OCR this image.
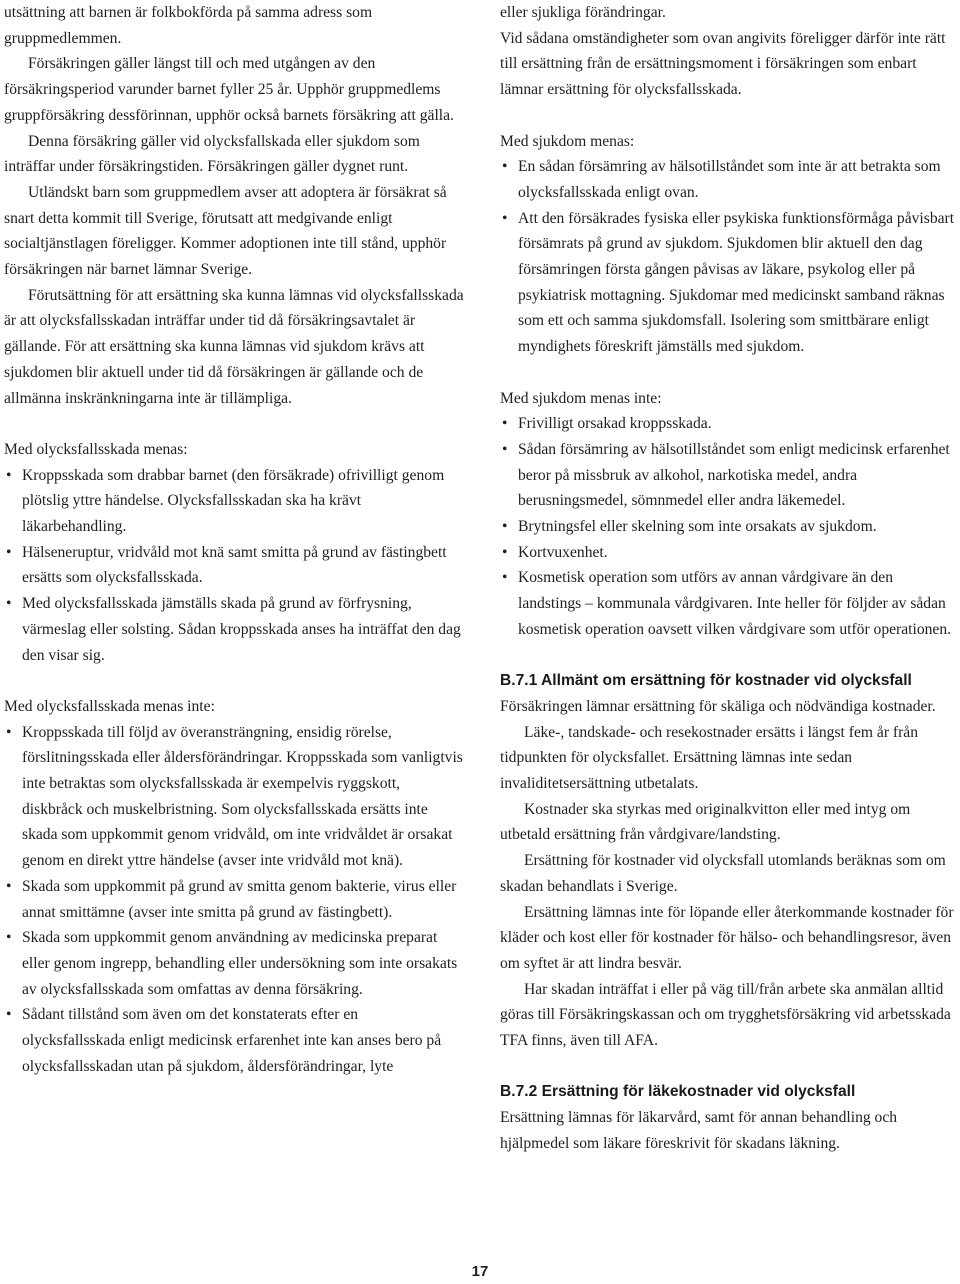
utsättning att barnen är folkbokförda på samma adress som gruppmedlemmen.

Försäkringen gäller längst till och med utgången av den försäkringsperiod varunder barnet fyller 25 år. Upphör gruppmedlems gruppförsäkring dessförinnan, upphör också barnets försäkring att gälla.

Denna försäkring gäller vid olycksfallskada eller sjukdom som inträffar under försäkringstiden. Försäkringen gäller dygnet runt.

Utländskt barn som gruppmedlem avser att adoptera är försäkrat så snart detta kommit till Sverige, förutsatt att medgivande enligt socialtjänstlagen föreligger. Kommer adoptionen inte till stånd, upphör försäkringen när barnet lämnar Sverige.

Förutsättning för att ersättning ska kunna lämnas vid olycksfallsskada är att olycksfallsskadan inträffar under tid då försäkringsavtalet är gällande. För att ersättning ska kunna lämnas vid sjukdom krävs att sjukdomen blir aktuell under tid då försäkringen är gällande och de allmänna inskränkningarna inte är tillämpliga.

Med olycksfallsskada menas:

• Kroppsskada som drabbar barnet (den försäkrade) ofrivilligt genom plötslig yttre händelse. Olycksfallsskadan ska ha krävt läkarbehandling.
• Hälseneruptur, vridvåld mot knä samt smitta på grund av fästingbett ersätts som olycksfallsskada.
• Med olycksfallsskada jämställs skada på grund av förfrysning, värmeslag eller solsting. Sådan kroppsskada anses ha inträffat den dag den visar sig.

Med olycksfallsskada menas inte:

• Kroppsskada till följd av överansträngning, ensidig rörelse, förslitningsskada eller åldersförändringar. Kroppsskada som vanligtvis inte betraktas som olycksfallsskada är exempelvis ryggskott, diskbråck och muskelbristning. Som olycksfallsskada ersätts inte skada som uppkommit genom vridvåld, om inte vridvåldet är orsakat genom en direkt yttre händelse (avser inte vridvåld mot knä).
• Skada som uppkommit på grund av smitta genom bakterie, virus eller annat smittämne (avser inte smitta på grund av fästingbett).
• Skada som uppkommit genom användning av medicinska preparat eller genom ingrepp, behandling eller undersökning som inte orsakats av olycksfallsskada som omfattas av denna försäkring.
• Sådant tillstånd som även om det konstaterats efter en olycksfallsskada enligt medicinsk erfarenhet inte kan anses bero på olycksfallsskadan utan på sjukdom, åldersförändringar, lyte

eller sjukliga förändringar.

Vid sådana omständigheter som ovan angivits föreligger därför inte rätt till ersättning från de ersättningsmoment i försäkringen som enbart lämnar ersättning för olycksfallsskada.

Med sjukdom menas:

• En sådan försämring av hälsotillståndet som inte är att betrakta som olycksfallsskada enligt ovan.
• Att den försäkrades fysiska eller psykiska funktionsförmåga påvisbart försämrats på grund av sjukdom. Sjukdomen blir aktuell den dag försämringen första gången påvisas av läkare, psykolog eller på psykiatrisk mottagning. Sjukdomar med medicinskt samband räknas som ett och samma sjukdomsfall. Isolering som smittbärare enligt myndighets föreskrift jämställs med sjukdom.

Med sjukdom menas inte:

• Frivilligt orsakad kroppsskada.
• Sådan försämring av hälsotillståndet som enligt medicinsk erfarenhet beror på missbruk av alkohol, narkotiska medel, andra berusningsmedel, sömnmedel eller andra läkemedel.
• Brytningsfel eller skelning som inte orsakats av sjukdom.
• Kortvuxenhet.
• Kosmetisk operation som utförs av annan vårdgivare än den landstings – kommunala vårdgivaren. Inte heller för följder av sådan kosmetisk operation oavsett vilken vårdgivare som utför operationen.

B.7.1 Allmänt om ersättning för kostnader vid olycksfall

Försäkringen lämnar ersättning för skäliga och nödvändiga kostnader.

Läke-, tandskade- och resekostnader ersätts i längst fem år från tidpunkten för olycksfallet. Ersättning lämnas inte sedan invaliditetsersättning utbetalats.

Kostnader ska styrkas med originalkvitton eller med intyg om utbetald ersättning från vårdgivare/landsting.

Ersättning för kostnader vid olycksfall utomlands beräknas som om skadan behandlats i Sverige.

Ersättning lämnas inte för löpande eller återkommande kostnader för kläder och kost eller för kostnader för hälso- och behandlingsresor, även om syftet är att lindra besvär.

Har skadan inträffat i eller på väg till/från arbete ska anmälan alltid göras till Försäkringskassan och om trygghetsförsäkring vid arbetsskada TFA finns, även till AFA.

B.7.2 Ersättning för läkekostnader vid olycksfall

Ersättning lämnas för läkarvård, samt för annan behandling och hjälpmedel som läkare föreskrivit för skadans läkning.

17
